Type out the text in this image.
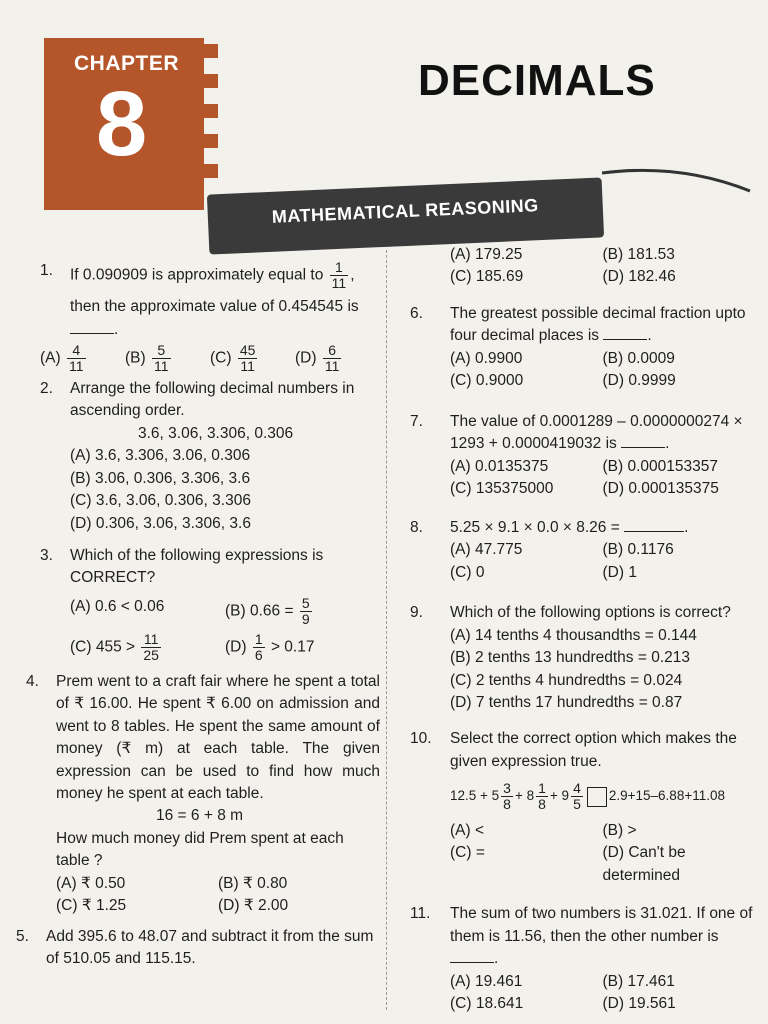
CHAPTER
8	DECIMALS
MATHEMATICAL REASONING
1.	If 0.090909 is approximately equal to $\frac{1}{11}$ ,
then the approximate value of 0.454545 is
.
$(A) \frac{4}{11}$	$(B) \frac{5}{11}$	$(C) \frac{45}{11} (D) \frac{6}{11}$
2.	Arrange the following decimal numbers in ascending order.
3.6, 3.06, 3.306, 0.306
(A) 3.6, 3.306, 3.06, 0.306
(B) 3.06, 0.306, 3.306, 3.6
(C) 3.6, 3.06, 0.306, 3.306
(D) 0.306, 3.06, 3.306, 3.6
3.	Which of the following expressions is CORRECT?
(A) 0.6 < 0.06	(B) $0.66 = \frac{5}{9}$
(C) $455 > \frac{11}{25}$	$(D) \frac{1}{6} > 0.17$
4.	Prem went to a craft fair where he spent a total of ₹ 16.00. He spent ₹ 6.00 on admission and went to 8 tables. He spent the same amount of money (₹ m) at each table. The given expression can be used to find how much money he spent at each table.
16 = 6 + 8 m
How much money did Prem spent at each table ?
(A) ₹ 0.50	(B) ₹ 0.80
(C) ₹ 1.25	(D) ₹ 2.00
5.	Add 395.6 to 48.07 and subtract it from the sum of 510.05 and 115.15.
(A) 179.25	(B) 181.53
(C) 185.69	(D) 182.46
6.	The greatest possible decimal fraction upto four decimal places is	.
(A) 0.9900	(B) 0.0009
(C) 0.9000	(D) 0.9999
7.	The value of 0.0001289 – 0.0000000274 × 1293 + 0.0000419032 is	.
(A) 0.0135375	(B) 0.000153357
(C) 135375000	(D) 0.000135375
8.	5.25 × 9.1 × 0.0 × 8.26 =	.
(A) 47.775	(B) 0.1176
(C) 0	(D) 1
9.	Which of the following options is correct?
(A) 14 tenths 4 thousandths = 0.144
(B) 2 tenths 13 hundredths = 0.213
(C) 2 tenths 4 hundredths = 0.024
(D) 7 tenths 17 hundredths = 0.87
10.	Select the correct option which makes the given expression true.
$12.5 + 5 \frac{3}{8} + 8 \frac{1}{8} + 9 \frac{4}{5} 2.9+15-6.88+11.08$
(A) <	(B) >
(C) =	(D) Can't be determined
11.	The sum of two numbers is 31.021. If one of them is 11.56, then the other number is
.
(A) 19.461	(B) 17.461
(C) 18.641	(D) 19.561
